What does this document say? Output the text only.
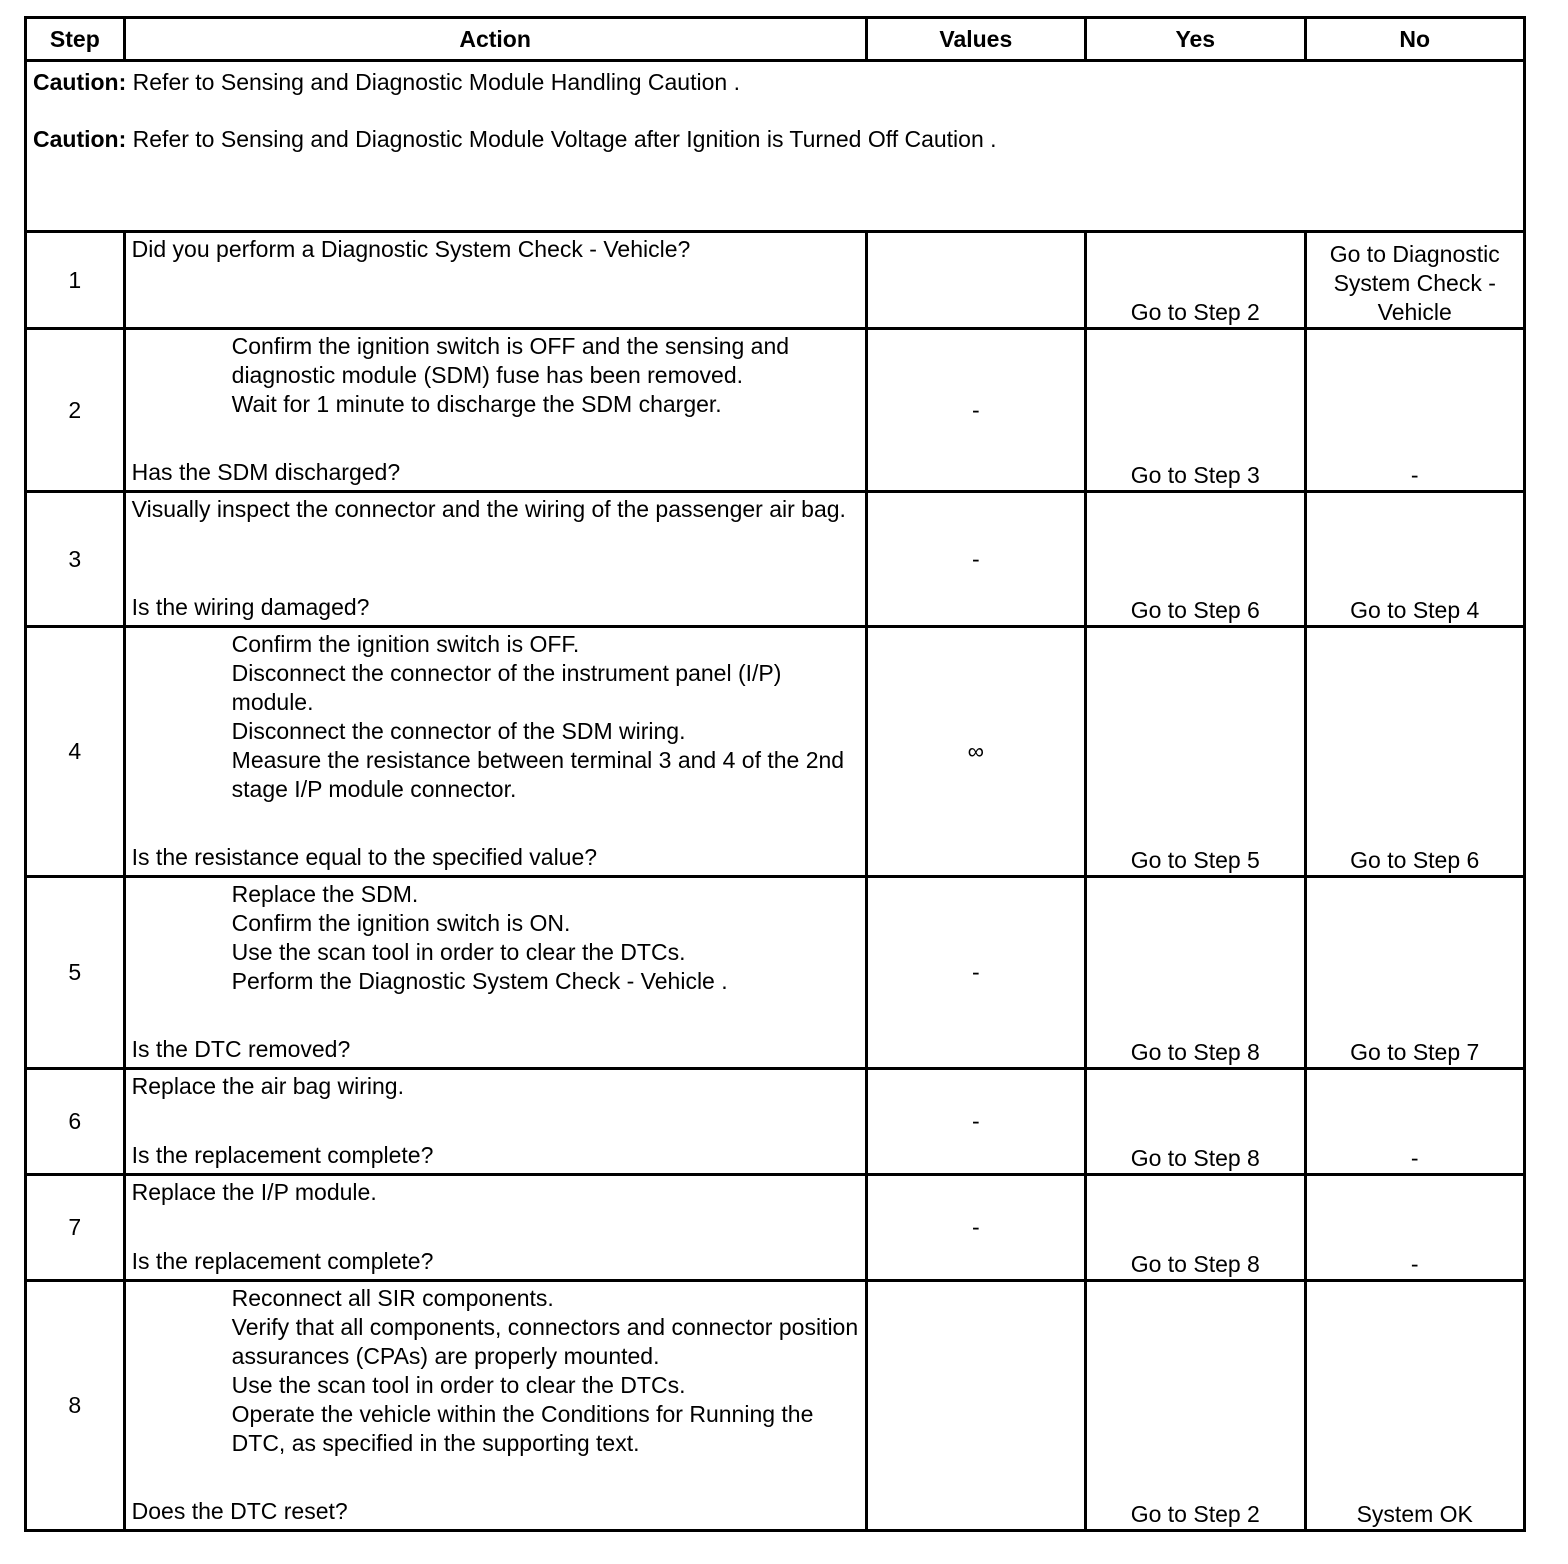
Step	Action	Values	Yes	No

Caution: Refer to Sensing and Diagnostic Module Handling Caution .
Caution: Refer to Sensing and Diagnostic Module Voltage after Ignition is Turned Off Caution .				

1	Did you perform a Diagnostic System Check - Vehicle?		Go to Step 2	Go to Diagnostic System Check - Vehicle
2	Confirm the ignition switch is OFF and the sensing and diagnostic module (SDM) fuse has been removed.
Wait for 1 minute to discharge the SDM charger.
Has the SDM discharged?	-	Go to Step 3	-
3	Visually inspect the connector and the wiring of the passenger air bag.
Is the wiring damaged?	-	Go to Step 6	Go to Step 4
4	Confirm the ignition switch is OFF.
Disconnect the connector of the instrument panel (I/P) module.
Disconnect the connector of the SDM wiring.
Measure the resistance between terminal 3 and 4 of the 2nd stage I/P module connector.
Is the resistance equal to the specified value?	∞	Go to Step 5	Go to Step 6
5	Replace the SDM.
Confirm the ignition switch is ON.
Use the scan tool in order to clear the DTCs.
Perform the Diagnostic System Check - Vehicle .
Is the DTC removed?	-	Go to Step 8	Go to Step 7
6	Replace the air bag wiring.
Is the replacement complete?	-	Go to Step 8	-
7	Replace the I/P module.
Is the replacement complete?	-	Go to Step 8	-
8	Reconnect all SIR components.
Verify that all components, connectors and connector position assurances (CPAs) are properly mounted.
Use the scan tool in order to clear the DTCs.
Operate the vehicle within the Conditions for Running the DTC, as specified in the supporting text.
Does the DTC reset?		Go to Step 2	System OK
